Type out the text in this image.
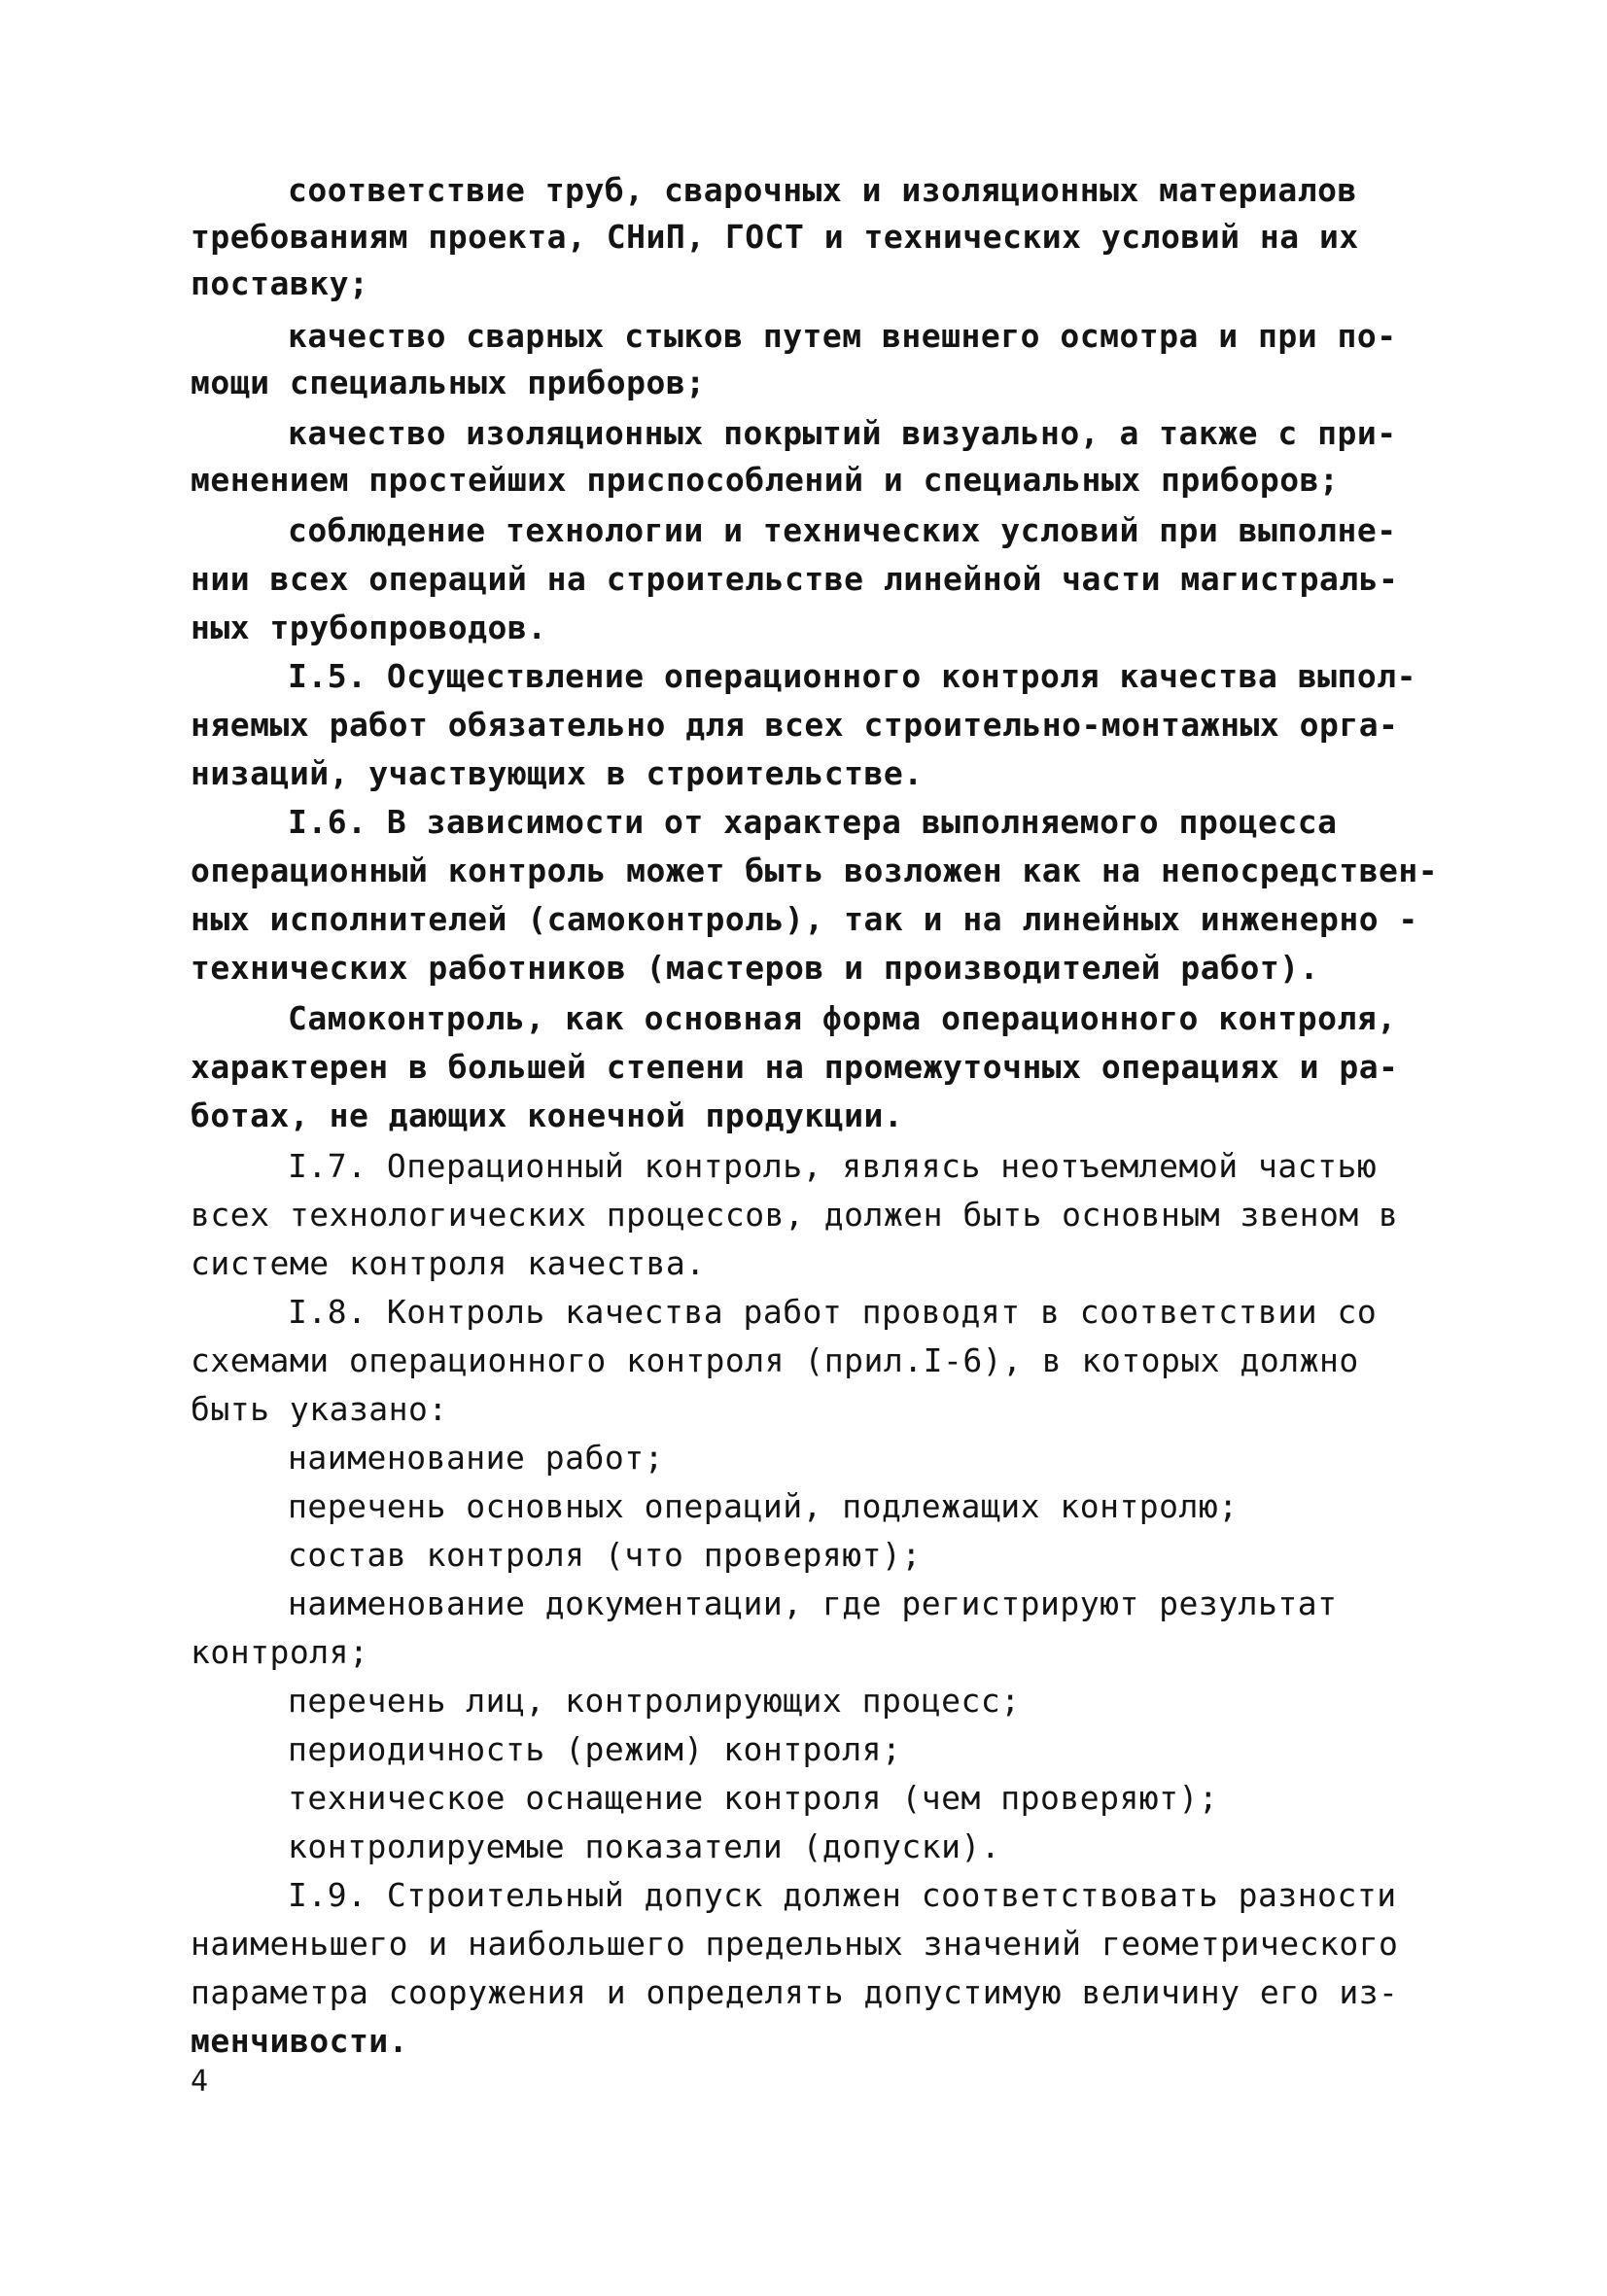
соответствие труб, сварочных и изоляционных материалов
требованиям проекта, СНиП, ГОСТ и технических условий на их
поставку;
качество сварных стыков путем внешнего осмотра и при по-
мощи специальных приборов;
качество изоляционных покрытий визуально, а также с при-
менением простейших приспособлений и специальных приборов;
соблюдение технологии и технических условий при выполне-
нии всех операций на строительстве линейной части магистраль-
ных трубопроводов.
I.5. Осуществление операционного контроля качества выпол-
няемых работ обязательно для всех строительно-монтажных орга-
низаций, участвующих в строительстве.
I.6. В зависимости от характера выполняемого процесса
операционный контроль может быть возложен как на непосредствен-
ных исполнителей (самоконтроль), так и на линейных инженерно -
технических работников (мастеров и производителей работ).
Самоконтроль, как основная форма операционного контроля,
характерен в большей степени на промежуточных операциях и ра-
ботах, не дающих конечной продукции.
I.7. Операционный контроль, являясь неотъемлемой частью
всех технологических процессов, должен быть основным звеном в
системе контроля качества.
I.8. Контроль качества работ проводят в соответствии со
схемами операционного контроля (прил.I-6), в которых должно
быть указано:
наименование работ;
перечень основных операций, подлежащих контролю;
состав контроля (что проверяют);
наименование документации, где регистрируют результат
контроля;
перечень лиц, контролирующих процесс;
периодичность (режим) контроля;
техническое оснащение контроля (чем проверяют);
контролируемые показатели (допуски).
I.9. Строительный допуск должен соответствовать разности
наименьшего и наибольшего предельных значений геометрического
параметра сооружения и определять допустимую величину его из-
менчивости.
4
